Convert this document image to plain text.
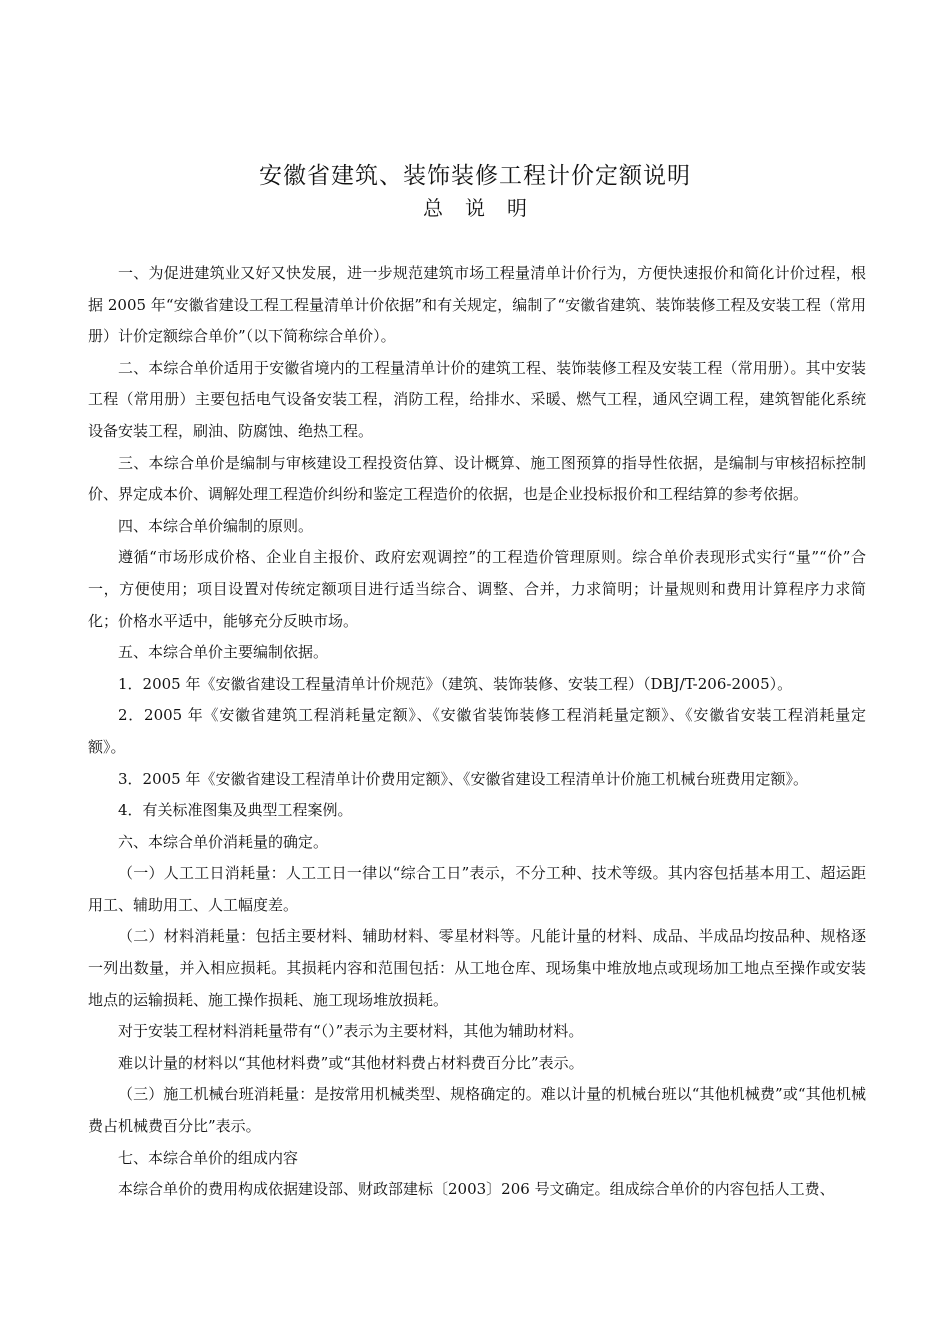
安徽省建筑、装饰装修工程计价定额说明
总说明

一、为促进建筑业又好又快发展，进一步规范建筑市场工程量清单计价行为，方便快速报价和简化计价过程，根据 2005 年“安徽省建设工程工程量清单计价依据”和有关规定，编制了“安徽省建筑、装饰装修工程及安装工程（常用册）计价定额综合单价”（以下简称综合单价）。

二、本综合单价适用于安徽省境内的工程量清单计价的建筑工程、装饰装修工程及安装工程（常用册）。其中安装工程（常用册）主要包括电气设备安装工程，消防工程，给排水、采暖、燃气工程，通风空调工程，建筑智能化系统设备安装工程，刷油、防腐蚀、绝热工程。

三、本综合单价是编制与审核建设工程投资估算、设计概算、施工图预算的指导性依据，是编制与审核招标控制价、界定成本价、调解处理工程造价纠纷和鉴定工程造价的依据，也是企业投标报价和工程结算的参考依据。

四、本综合单价编制的原则。

遵循“市场形成价格、企业自主报价、政府宏观调控”的工程造价管理原则。综合单价表现形式实行“量”“价”合一，方便使用；项目设置对传统定额项目进行适当综合、调整、合并，力求简明；计量规则和费用计算程序力求简化；价格水平适中，能够充分反映市场。

五、本综合单价主要编制依据。

1．2005 年《安徽省建设工程量清单计价规范》（建筑、装饰装修、安装工程）（DBJ/T-206-2005）。

2．2005 年《安徽省建筑工程消耗量定额》、《安徽省装饰装修工程消耗量定额》、《安徽省安装工程消耗量定额》。

3．2005 年《安徽省建设工程清单计价费用定额》、《安徽省建设工程清单计价施工机械台班费用定额》。

4．有关标准图集及典型工程案例。

六、本综合单价消耗量的确定。

（一）人工工日消耗量：人工工日一律以“综合工日”表示，不分工种、技术等级。其内容包括基本用工、超运距用工、辅助用工、人工幅度差。

（二）材料消耗量：包括主要材料、辅助材料、零星材料等。凡能计量的材料、成品、半成品均按品种、规格逐一列出数量，并入相应损耗。其损耗内容和范围包括：从工地仓库、现场集中堆放地点或现场加工地点至操作或安装地点的运输损耗、施工操作损耗、施工现场堆放损耗。

对于安装工程材料消耗量带有“（）”表示为主要材料，其他为辅助材料。

难以计量的材料以“其他材料费”或“其他材料费占材料费百分比”表示。

（三）施工机械台班消耗量：是按常用机械类型、规格确定的。难以计量的机械台班以“其他机械费”或“其他机械费占机械费百分比”表示。

七、本综合单价的组成内容

本综合单价的费用构成依据建设部、财政部建标〔2003〕206 号文确定。组成综合单价的内容包括人工费、
